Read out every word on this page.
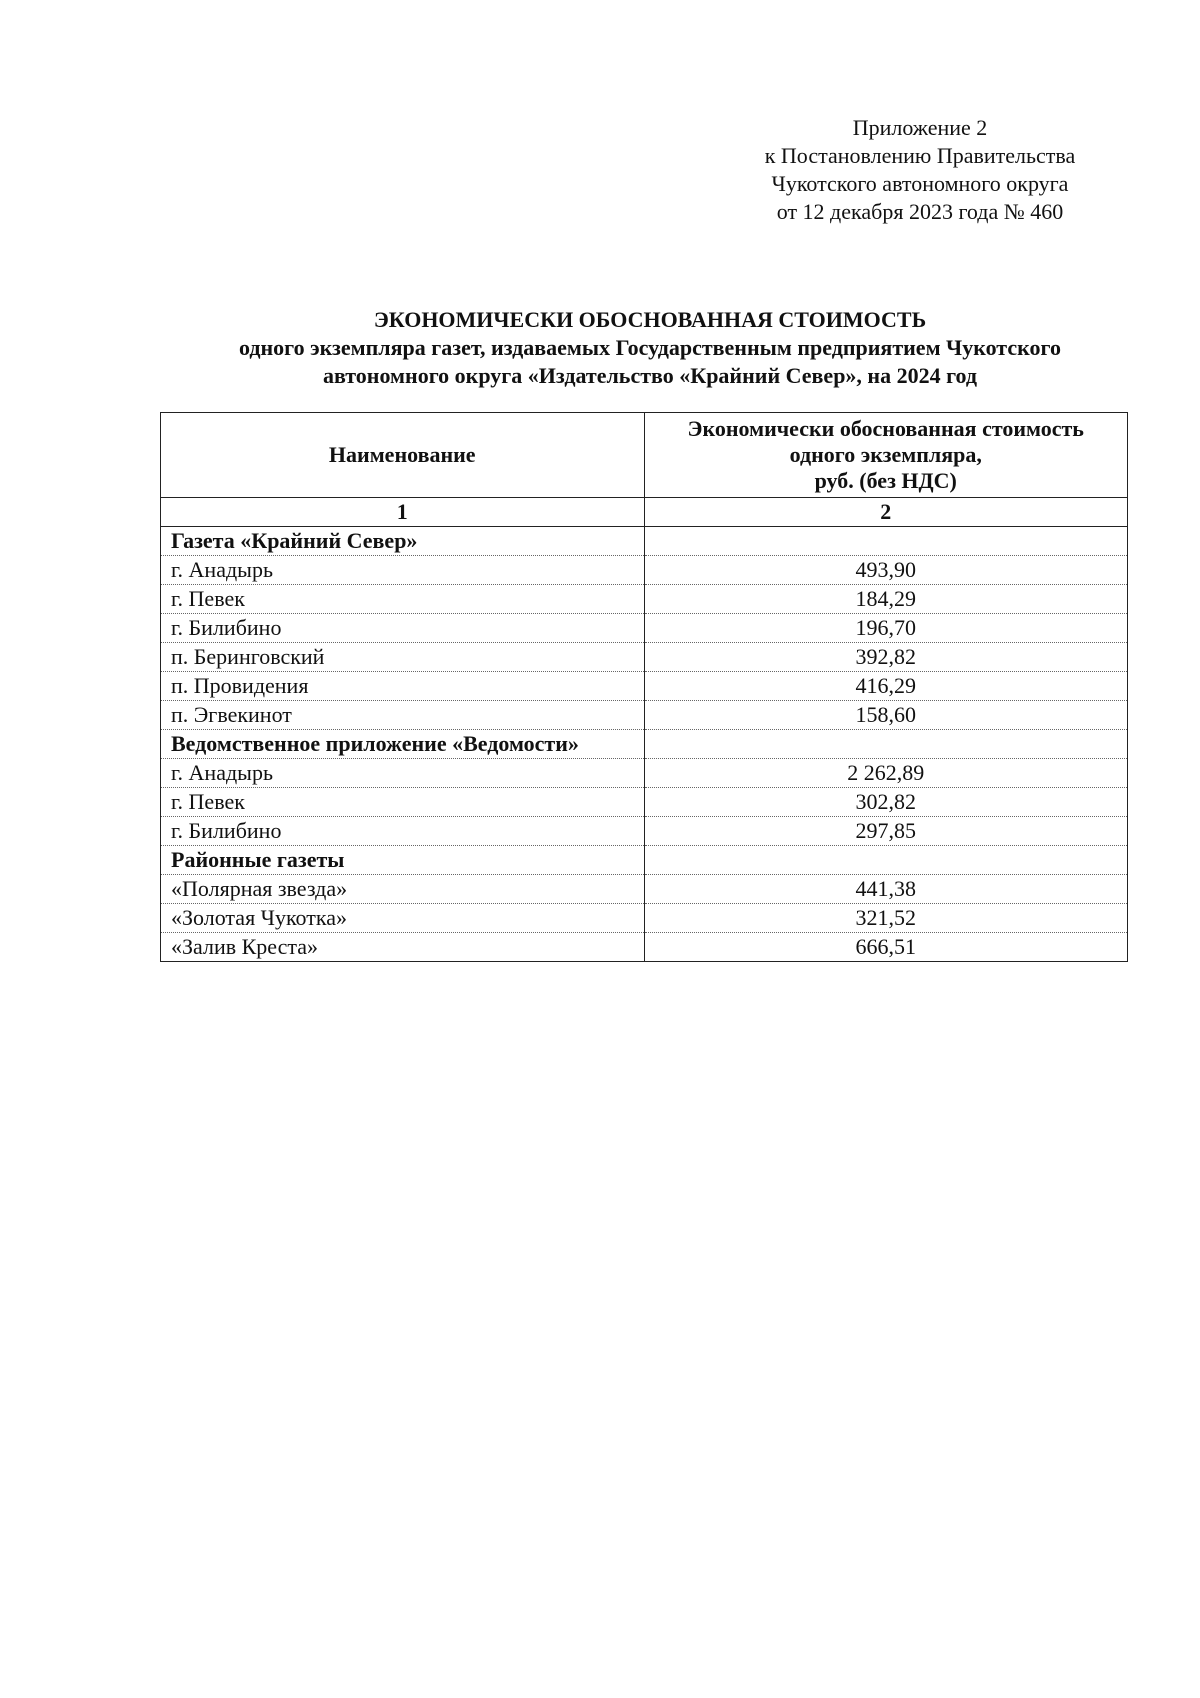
Приложение 2
к Постановлению Правительства
Чукотского автономного округа
от 12 декабря 2023 года № 460
ЭКОНОМИЧЕСКИ ОБОСНОВАННАЯ СТОИМОСТЬ
одного экземпляра газет, издаваемых Государственным предприятием Чукотского
автономного округа «Издательство «Крайний Север», на 2024 год
Наименование	Экономически обоснованная стоимость
одного экземпляра,
руб. (без НДС)

1	2
Газета «Крайний Север»	
г. Анадырь	493,90
г. Певек	184,29
г. Билибино	196,70
п. Беринговский	392,82
п. Провидения	416,29
п. Эгвекинот	158,60
Ведомственное приложение «Ведомости»	
г. Анадырь	2 262,89
г. Певек	302,82
г. Билибино	297,85
Районные газеты	
«Полярная звезда»	441,38
«Золотая Чукотка»	321,52
«Залив Креста»	666,51
